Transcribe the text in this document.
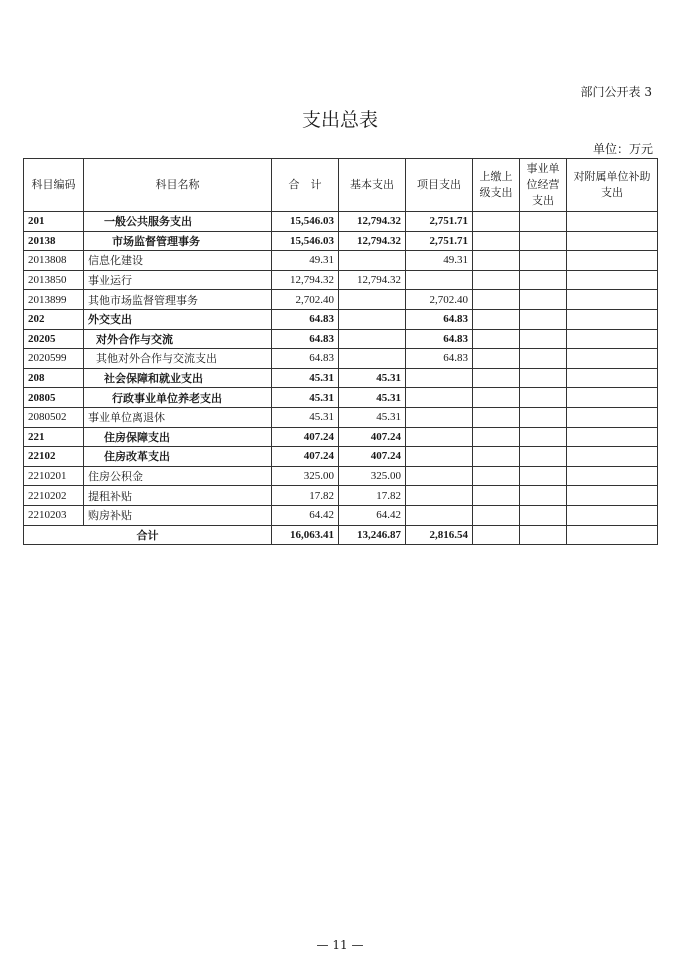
部门公开表 3
支出总表
单位：万元
科目编码	科目名称	合　计	基本支出	项目支出	上缴上级支出	事业单位经营支出	对附属单位补助支出
201	一般公共服务支出	15,546.03	12,794.32	2,751.71			
20138	市场监督管理事务	15,546.03	12,794.32	2,751.71			
2013808	信息化建设	49.31		49.31			
2013850	事业运行	12,794.32	12,794.32				
2013899	其他市场监督管理事务	2,702.40		2,702.40			
202	外交支出	64.83		64.83			
20205	对外合作与交流	64.83		64.83			
2020599	其他对外合作与交流支出	64.83		64.83			
208	社会保障和就业支出	45.31	45.31				
20805	行政事业单位养老支出	45.31	45.31				
2080502	事业单位离退休	45.31	45.31				
221	住房保障支出	407.24	407.24				
22102	住房改革支出	407.24	407.24				
2210201	住房公积金	325.00	325.00				
2210202	提租补贴	17.82	17.82				
2210203	购房补贴	64.42	64.42				
合计		16,063.41	13,246.87	2,816.54			
— 11 —
